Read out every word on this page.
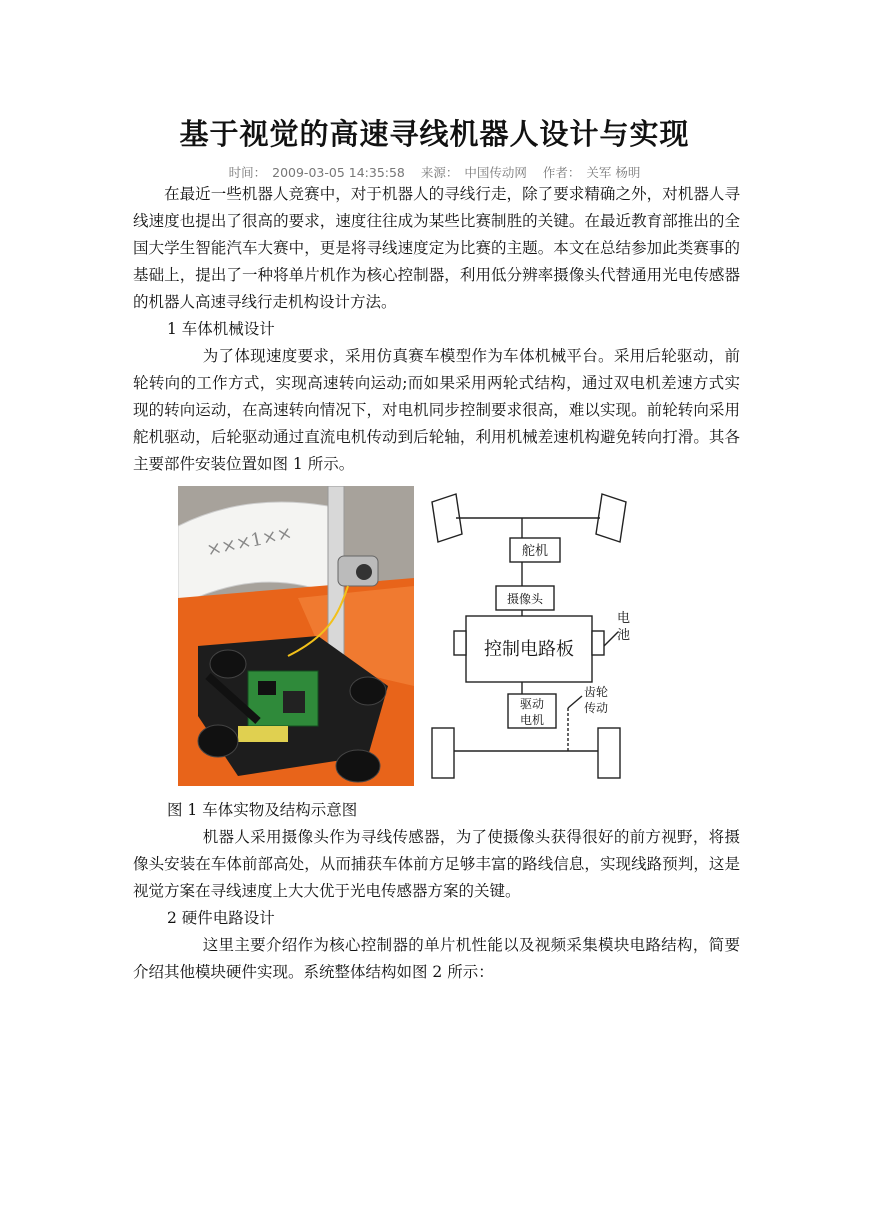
基于视觉的高速寻线机器人设计与实现
时间： 2009-03-05 14:35:58 来源： 中国传动网 作者： 关军 杨明

在最近一些机器人竞赛中，对于机器人的寻线行走，除了要求精确之外，对机器人寻线速度也提出了很高的要求，速度往往成为某些比赛制胜的关键。在最近教育部推出的全国大学生智能汽车大赛中，更是将寻线速度定为比赛的主题。本文在总结参加此类赛事的基础上，提出了一种将单片机作为核心控制器，利用低分辨率摄像头代替通用光电传感器的机器人高速寻线行走机构设计方法。

1 车体机械设计

为了体现速度要求，采用仿真赛车模型作为车体机械平台。采用后轮驱动，前轮转向的工作方式，实现高速转向运动;而如果采用两轮式结构，通过双电机差速方式实现的转向运动，在高速转向情况下，对电机同步控制要求很高，难以实现。前轮转向采用舵机驱动，后轮驱动通过直流电机传动到后轮轴，利用机械差速机构避免转向打滑。其各主要部件安装位置如图 1 所示。

×××1××	舵机
摄像头
控制电路板
电
池
驱动
电机
齿轮
传动
图 1 车体实物及结构示意图

机器人采用摄像头作为寻线传感器，为了使摄像头获得很好的前方视野，将摄像头安装在车体前部高处，从而捕获车体前方足够丰富的路线信息，实现线路预判，这是视觉方案在寻线速度上大大优于光电传感器方案的关键。

2 硬件电路设计

这里主要介绍作为核心控制器的单片机性能以及视频采集模块电路结构，简要介绍其他模块硬件实现。系统整体结构如图 2 所示：
